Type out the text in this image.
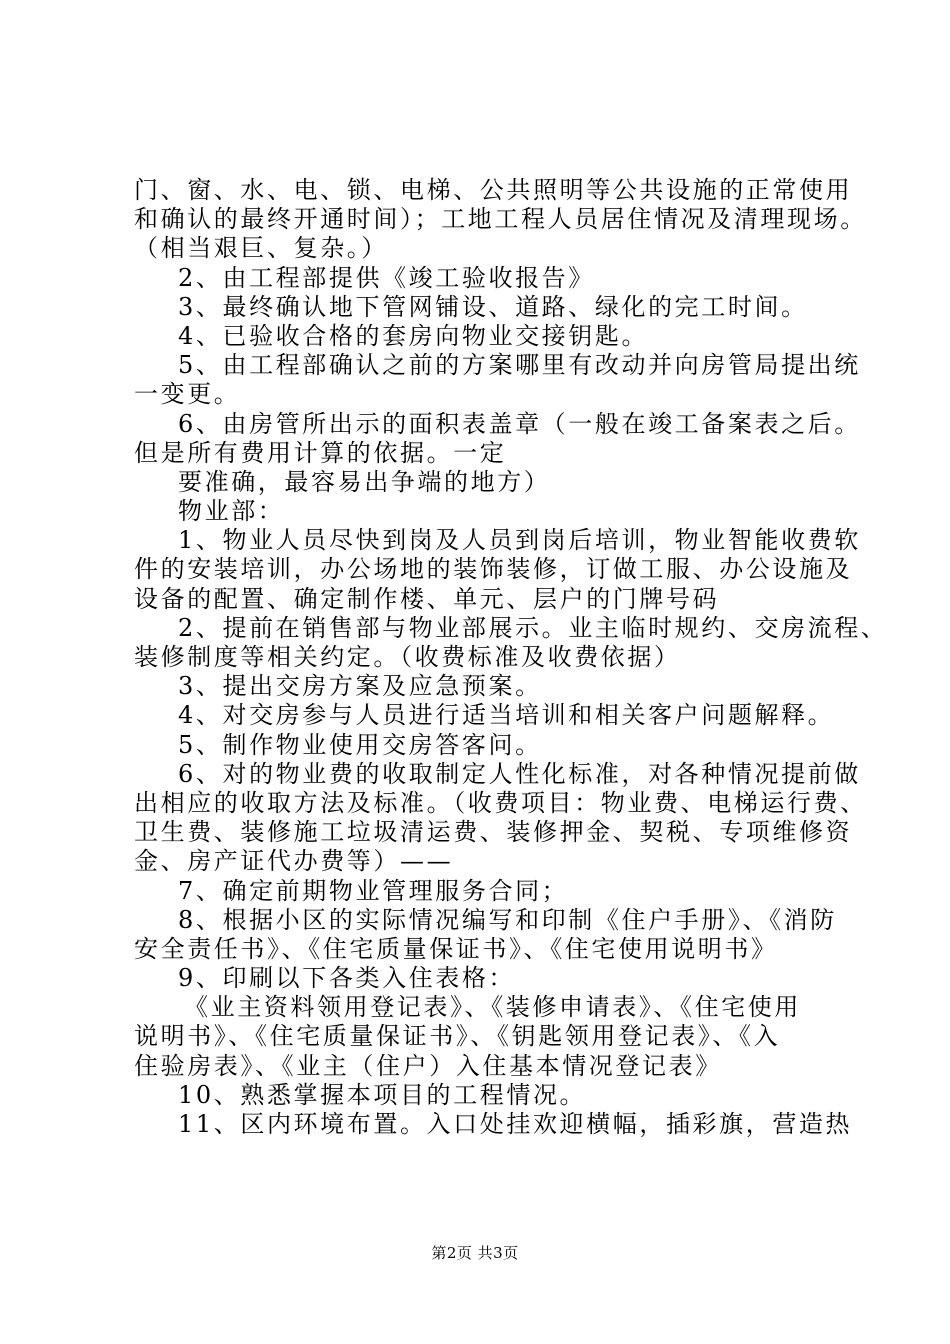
门、窗、水、电、锁、电梯、公共照明等公共设施的正常使用
和确认的最终开通时间）；工地工程人员居住情况及清理现场。
（相当艰巨、复杂。）
2、由工程部提供《竣工验收报告》
3、最终确认地下管网铺设、道路、绿化的完工时间。
4、已验收合格的套房向物业交接钥匙。
5、由工程部确认之前的方案哪里有改动并向房管局提出统
一变更。
6、由房管所出示的面积表盖章（一般在竣工备案表之后。
但是所有费用计算的依据。一定
要准确，最容易出争端的地方）
物业部：
1、物业人员尽快到岗及人员到岗后培训，物业智能收费软
件的安装培训，办公场地的装饰装修，订做工服、办公设施及
设备的配置、确定制作楼、单元、层户的门牌号码
2、提前在销售部与物业部展示。业主临时规约、交房流程、
装修制度等相关约定。（收费标准及收费依据）
3、提出交房方案及应急预案。
4、对交房参与人员进行适当培训和相关客户问题解释。
5、制作物业使用交房答客问。
6、对的物业费的收取制定人性化标准，对各种情况提前做
出相应的收取方法及标准。（收费项目：物业费、电梯运行费、
卫生费、装修施工垃圾清运费、装修押金、契税、专项维修资
金、房产证代办费等）——
7、确定前期物业管理服务合同；
8、根据小区的实际情况编写和印制《住户手册》、《消防
安全责任书》、《住宅质量保证书》、《住宅使用说明书》
9、印刷以下各类入住表格：
《业主资料领用登记表》、《装修申请表》、《住宅使用
说明书》、《住宅质量保证书》、《钥匙领用登记表》、《入
住验房表》、《业主（住户）入住基本情况登记表》
10、熟悉掌握本项目的工程情况。
11、区内环境布置。入口处挂欢迎横幅，插彩旗，营造热
第2页 共3页
